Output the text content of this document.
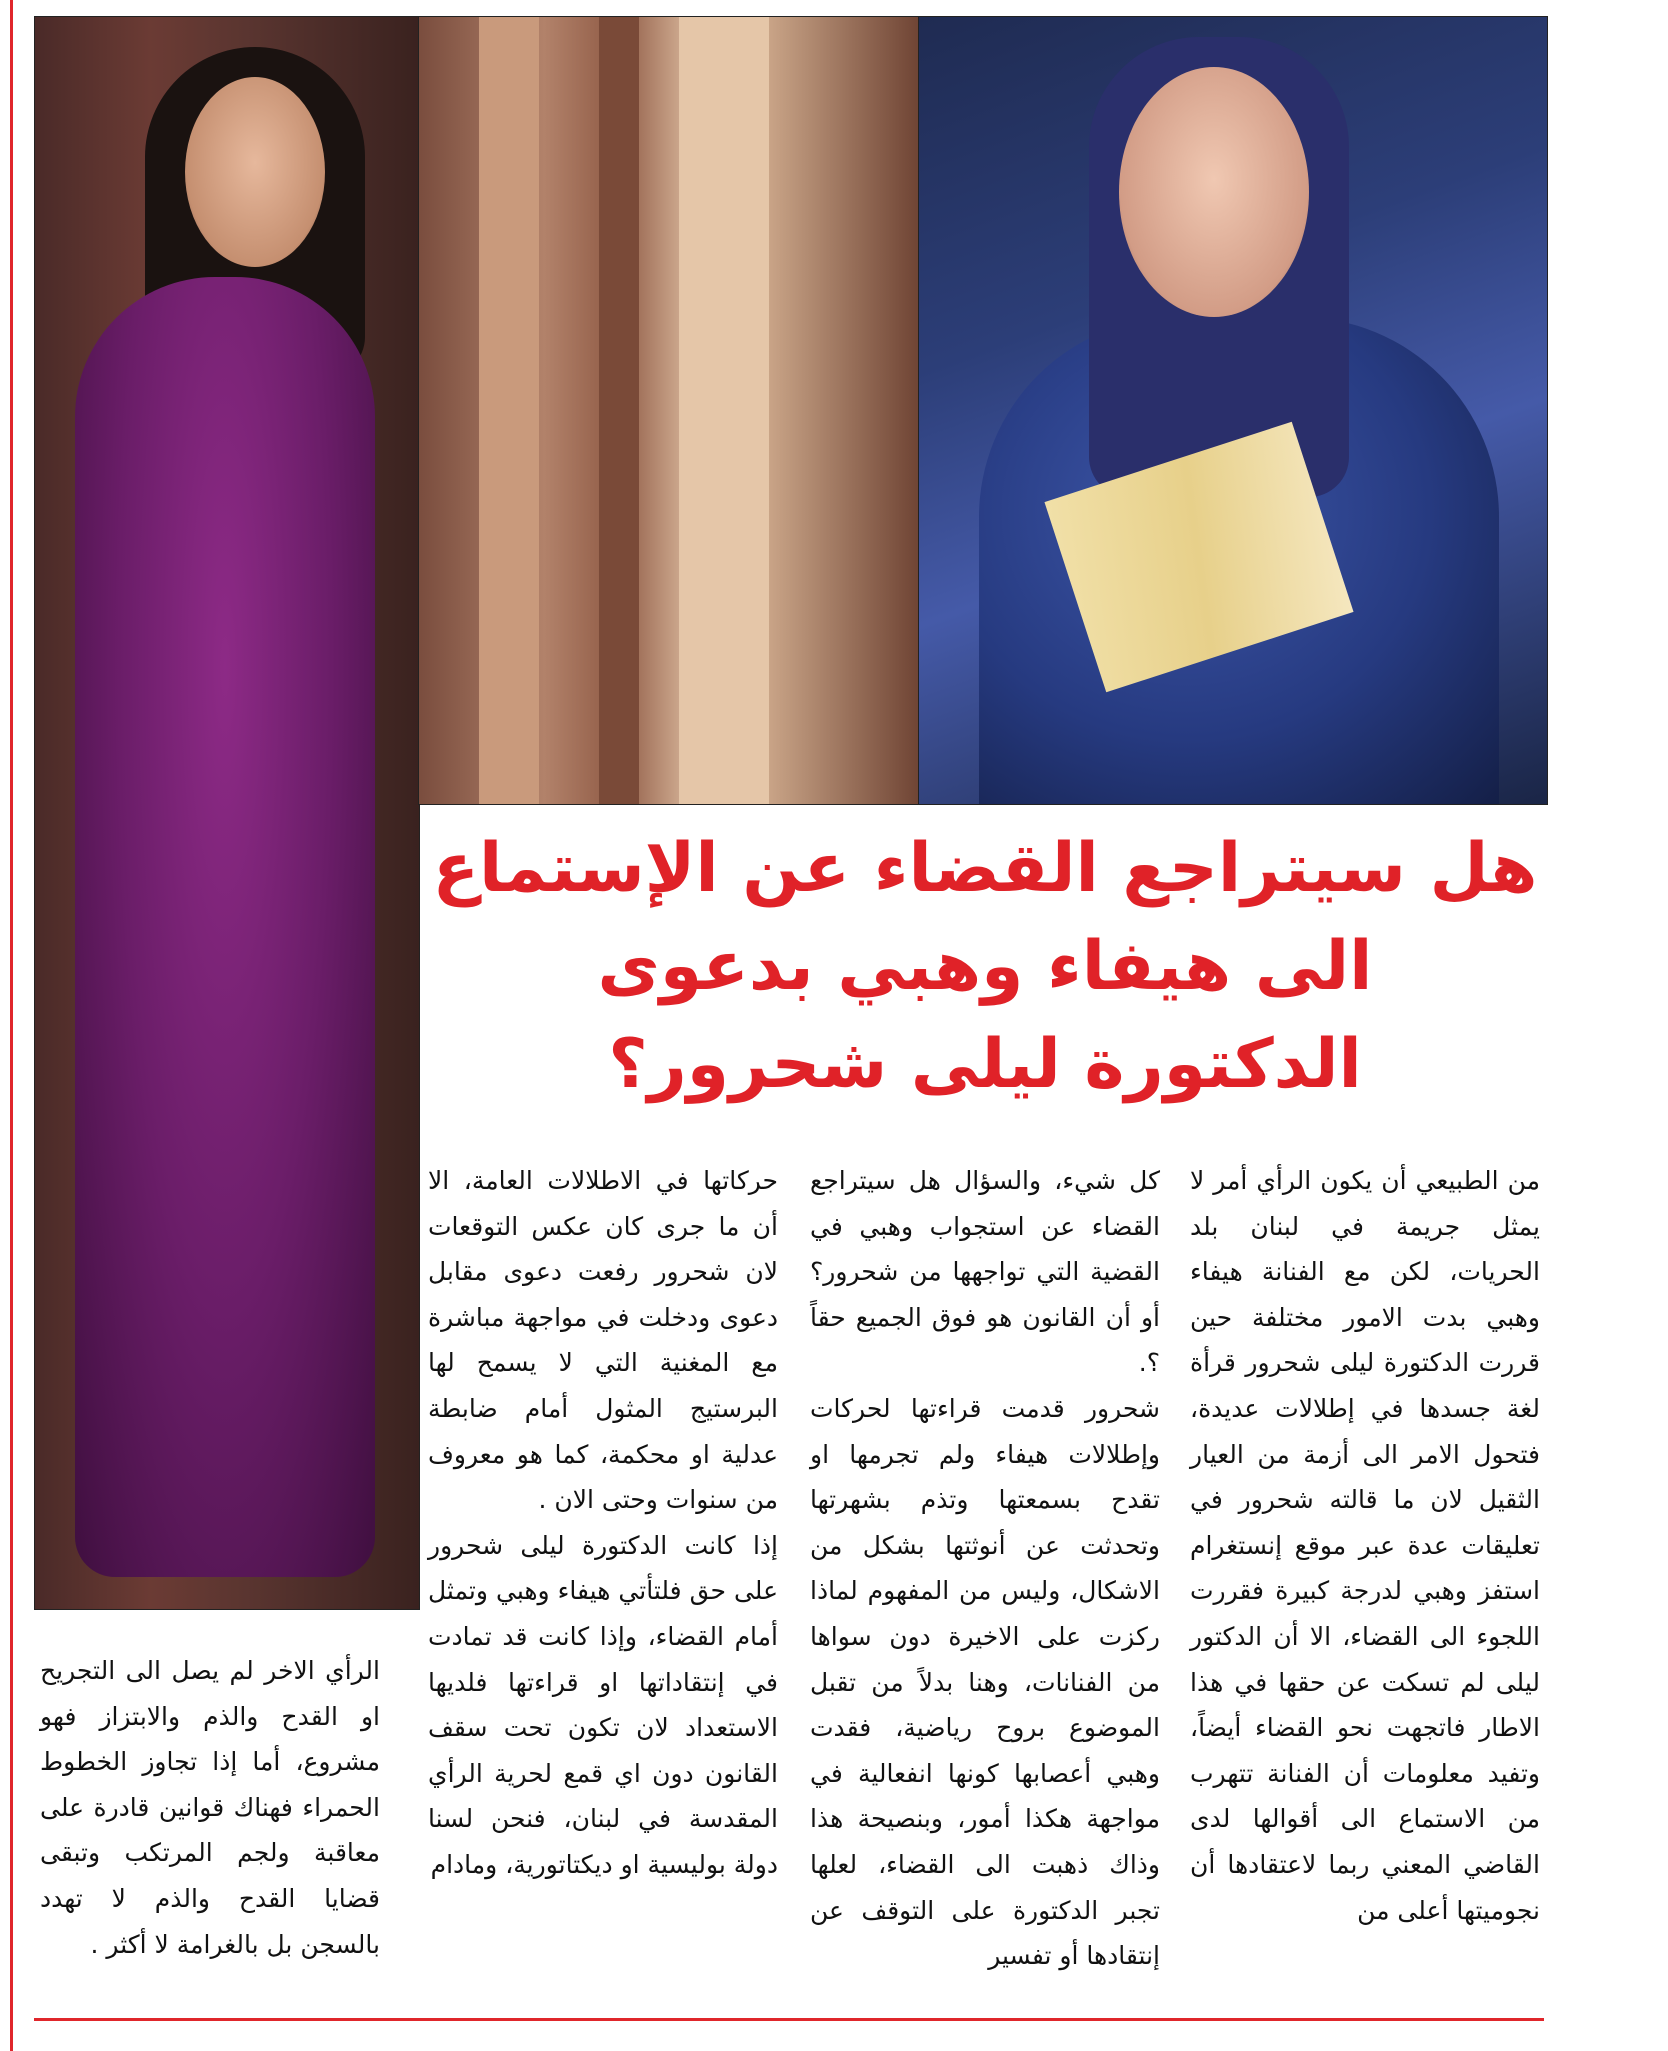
هل سيتراجع القضاء عن الإستماع
الى هيفاء وهبي بدعوى
الدكتورة ليلى شحرور؟

من الطبيعي أن يكون الرأي أمر لا يمثل جريمة في لبنان بلد الحريات، لكن مع الفنانة هيفاء وهبي بدت الامور مختلفة حين قررت الدكتورة ليلى شحرور قرأة لغة جسدها في إطلالات عديدة، فتحول الامر الى أزمة من العيار الثقيل لان ما قالته شحرور في تعليقات عدة عبر موقع إنستغرام استفز وهبي لدرجة كبيرة فقررت اللجوء الى القضاء، الا أن الدكتور ليلى لم تسكت عن حقها في هذا الاطار فاتجهت نحو القضاء أيضاً، وتفيد معلومات أن الفنانة تتهرب من الاستماع الى أقوالها لدى القاضي المعني ربما لاعتقادها أن نجوميتها أعلى من

كل شيء، والسؤال هل سيتراجع القضاء عن استجواب وهبي في القضية التي تواجهها من شحرور؟ أو أن القانون هو فوق الجميع حقاً ؟.

شحرور قدمت قراءتها لحركات وإطلالات هيفاء ولم تجرمها او تقدح بسمعتها وتذم بشهرتها وتحدثت عن أنوثتها بشكل من الاشكال، وليس من المفهوم لماذا ركزت على الاخيرة دون سواها من الفنانات، وهنا بدلاً من تقبل الموضوع بروح رياضية، فقدت وهبي أعصابها كونها انفعالية في مواجهة هكذا أمور، وبنصيحة هذا وذاك ذهبت الى القضاء، لعلها تجبر الدكتورة على التوقف عن إنتقادها أو تفسير

حركاتها في الاطلالات العامة، الا أن ما جرى كان عكس التوقعات لان شحرور رفعت دعوى مقابل دعوى ودخلت في مواجهة مباشرة مع المغنية التي لا يسمح لها البرستيج المثول أمام ضابطة عدلية او محكمة، كما هو معروف من سنوات وحتى الان .

إذا كانت الدكتورة ليلى شحرور على حق فلتأتي هيفاء وهبي وتمثل أمام القضاء، وإذا كانت قد تمادت في إنتقاداتها او قراءتها فلديها الاستعداد لان تكون تحت سقف القانون دون اي قمع لحرية الرأي المقدسة في لبنان، فنحن لسنا دولة بوليسية او ديكتاتورية، ومادام

الرأي الاخر لم يصل الى التجريح او القدح والذم والابتزاز فهو مشروع، أما إذا تجاوز الخطوط الحمراء فهناك قوانين قادرة على معاقبة ولجم المرتكب وتبقى قضايا القدح والذم لا تهدد بالسجن بل بالغرامة لا أكثر .
